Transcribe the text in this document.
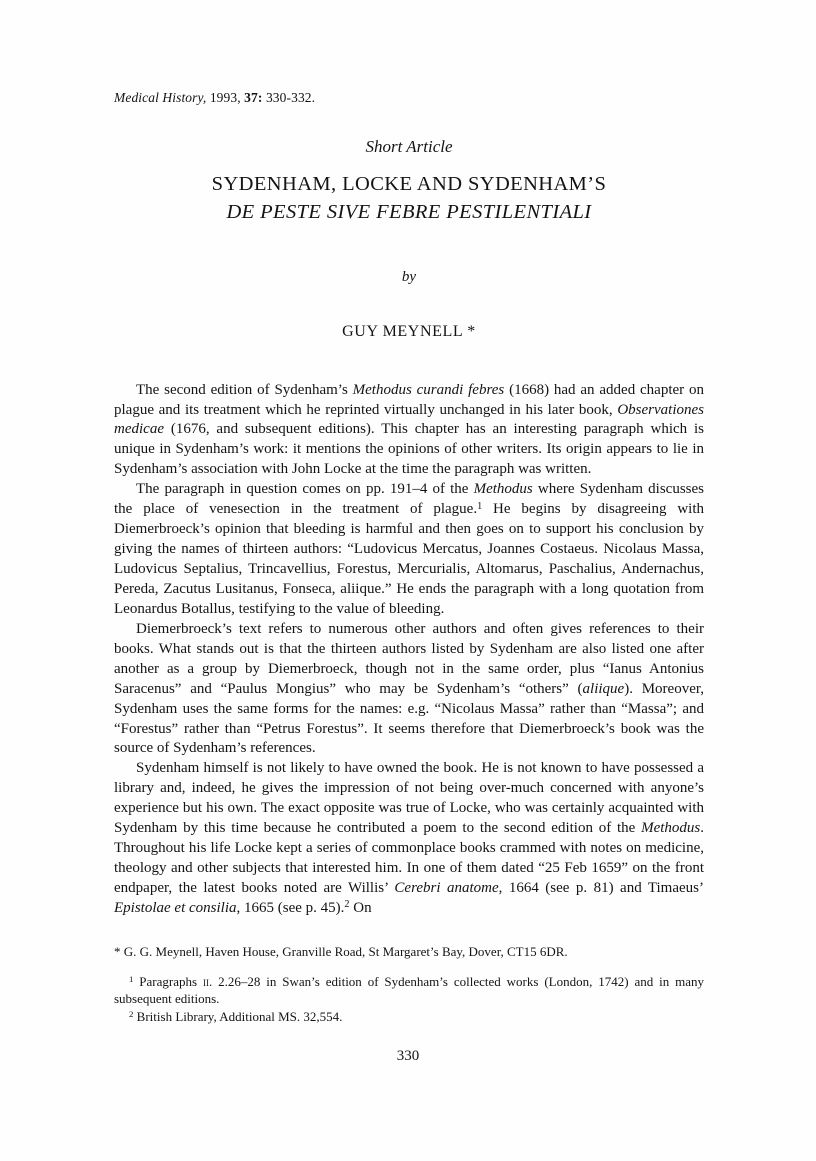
Medical History, 1993, 37: 330-332.
Short Article
SYDENHAM, LOCKE AND SYDENHAM’S
DE PESTE SIVE FEBRE PESTILENTIALI
by
GUY MEYNELL *

The second edition of Sydenham’s Methodus curandi febres (1668) had an added chapter on plague and its treatment which he reprinted virtually unchanged in his later book, Observationes medicae (1676, and subsequent editions). This chapter has an interesting paragraph which is unique in Sydenham’s work: it mentions the opinions of other writers. Its origin appears to lie in Sydenham’s association with John Locke at the time the paragraph was written.

The paragraph in question comes on pp. 191–4 of the Methodus where Sydenham discusses the place of venesection in the treatment of plague.$^1$ He begins by disagreeing with Diemerbroeck’s opinion that bleeding is harmful and then goes on to support his conclusion by giving the names of thirteen authors: “Ludovicus Mercatus, Joannes Costaeus. Nicolaus Massa, Ludovicus Septalius, Trincavellius, Forestus, Mercurialis, Altomarus, Paschalius, Andernachus, Pereda, Zacutus Lusitanus, Fonseca, aliique.” He ends the paragraph with a long quotation from Leonardus Botallus, testifying to the value of bleeding.

Diemerbroeck’s text refers to numerous other authors and often gives references to their books. What stands out is that the thirteen authors listed by Sydenham are also listed one after another as a group by Diemerbroeck, though not in the same order, plus “Ianus Antonius Saracenus” and “Paulus Mongius” who may be Sydenham’s “others” (aliique). Moreover, Sydenham uses the same forms for the names: e.g. “Nicolaus Massa” rather than “Massa”; and “Forestus” rather than “Petrus Forestus”. It seems therefore that Diemerbroeck’s book was the source of Sydenham’s references.

Sydenham himself is not likely to have owned the book. He is not known to have possessed a library and, indeed, he gives the impression of not being over-much concerned with anyone’s experience but his own. The exact opposite was true of Locke, who was certainly acquainted with Sydenham by this time because he contributed a poem to the second edition of the Methodus. Throughout his life Locke kept a series of commonplace books crammed with notes on medicine, theology and other subjects that interested him. In one of them dated “25 Feb 1659” on the front endpaper, the latest books noted are Willis’ Cerebri anatome, 1664 (see p. 81) and Timaeus’ Epistolae et consilia, 1665 (see p. 45).$^2$ On

* G. G. Meynell, Haven House, Granville Road, St Margaret’s Bay, Dover, CT15 6DR.

$^1$ Paragraphs ii. 2.26–28 in Swan’s edition of Sydenham’s collected works (London, 1742) and in many subsequent editions.

$^2$ British Library, Additional MS. 32,554.

330
